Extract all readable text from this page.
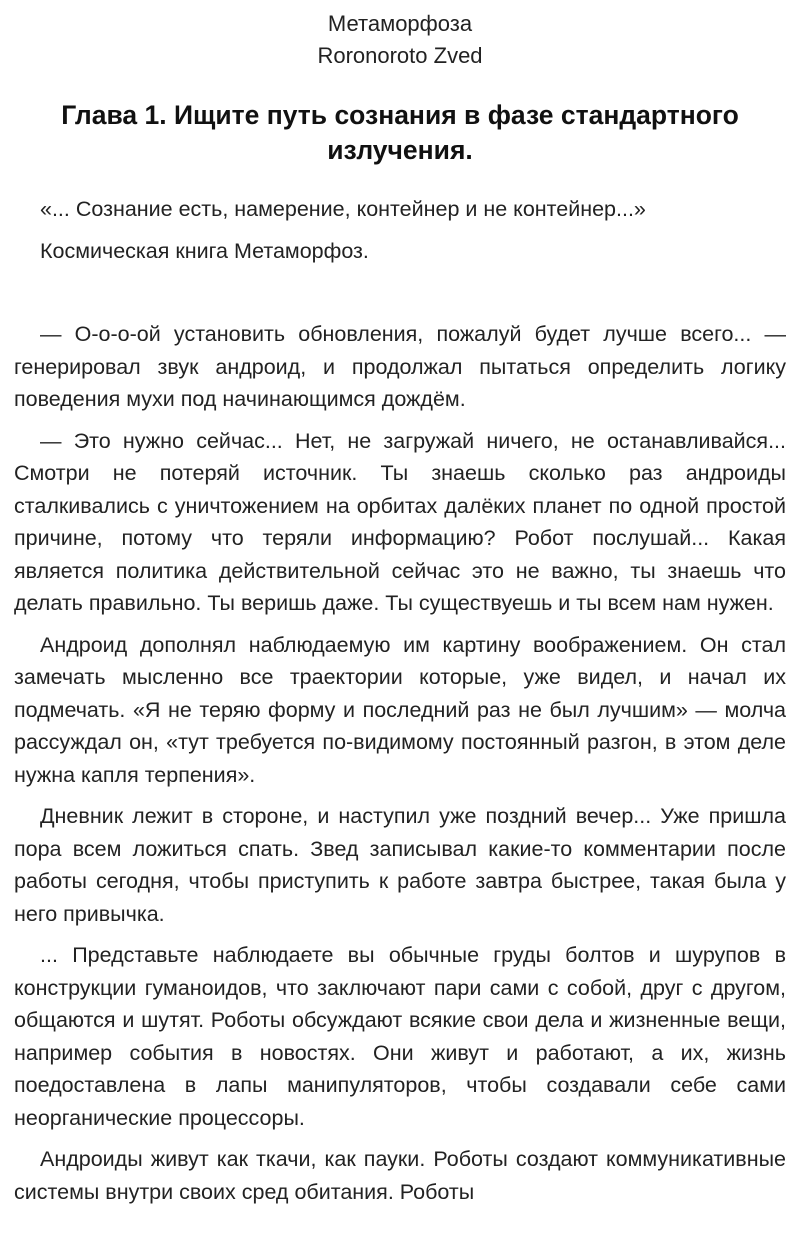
Метаморфоза
Roronoroto Zved
Глава 1. Ищите путь сознания в фазе стандартного излучения.
«... Сознание есть, намерение, контейнер и не контейнер...»
Космическая книга Метаморфоз.

— О-о-о-ой установить обновления, пожалуй будет лучше всего... — генерировал звук андроид, и продолжал пытаться определить логику поведения мухи под начинающимся дождём.

— Это нужно сейчас... Нет, не загружай ничего, не останавливайся... Смотри не потеряй источник. Ты знаешь сколько раз андроиды сталкивались с уничтожением на орбитах далёких планет по одной простой причине, потому что теряли информацию? Робот послушай... Какая является политика действительной сейчас это не важно, ты знаешь что делать правильно. Ты веришь даже. Ты существуешь и ты всем нам нужен.

Андроид дополнял наблюдаемую им картину воображением. Он стал замечать мысленно все траектории которые, уже видел, и начал их подмечать. «Я не теряю форму и последний раз не был лучшим» — молча рассуждал он, «тут требуется по-видимому постоянный разгон, в этом деле нужна капля терпения».

Дневник лежит в стороне, и наступил уже поздний вечер... Уже пришла пора всем ложиться спать. Звед записывал какие-то комментарии после работы сегодня, чтобы приступить к работе завтра быстрее, такая была у него привычка.

... Представьте наблюдаете вы обычные груды болтов и шурупов в конструкции гуманоидов, что заключают пари сами с собой, друг с другом, общаются и шутят. Роботы обсуждают всякие свои дела и жизненные вещи, например события в новостях. Они живут и работают, а их, жизнь поедоставлена в лапы манипуляторов, чтобы создавали себе сами неорганические процессоры.

Андроиды живут как ткачи, как пауки. Роботы создают коммуникативные системы внутри своих сред обитания. Роботы
